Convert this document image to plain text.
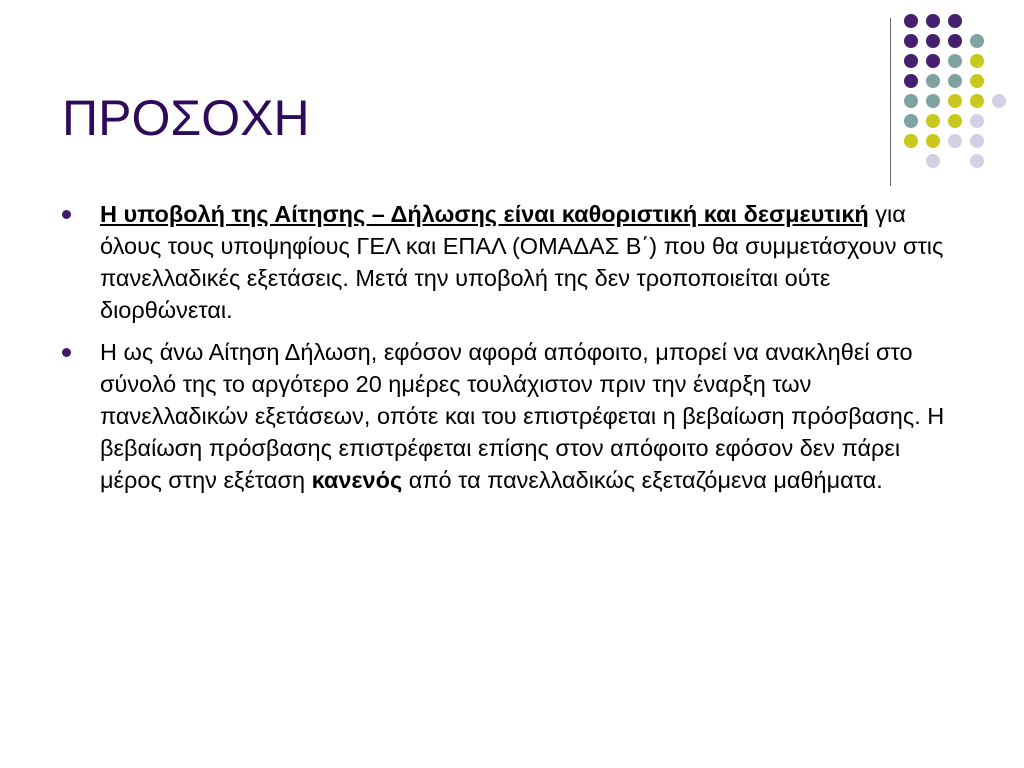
ΠΡΟΣΟΧΗ
Η υποβολή της Αίτησης – Δήλωσης είναι καθοριστική και δεσμευτική για όλους τους υποψηφίους ΓΕΛ και ΕΠΑΛ (ΟΜΑΔΑΣ Β΄) που θα συμμετάσχουν στις πανελλαδικές εξετάσεις. Μετά την υποβολή της δεν τροποποιείται ούτε διορθώνεται.
Η ως άνω Αίτηση Δήλωση, εφόσον αφορά απόφοιτο, μπορεί να ανακληθεί στο σύνολό της το αργότερο 20 ημέρες τουλάχιστον πριν την έναρξη των πανελλαδικών εξετάσεων, οπότε και του επιστρέφεται η βεβαίωση πρόσβασης. Η βεβαίωση πρόσβασης επιστρέφεται επίσης στον απόφοιτο εφόσον δεν πάρει μέρος στην εξέταση κανενός από τα πανελλαδικώς εξεταζόμενα μαθήματα.
